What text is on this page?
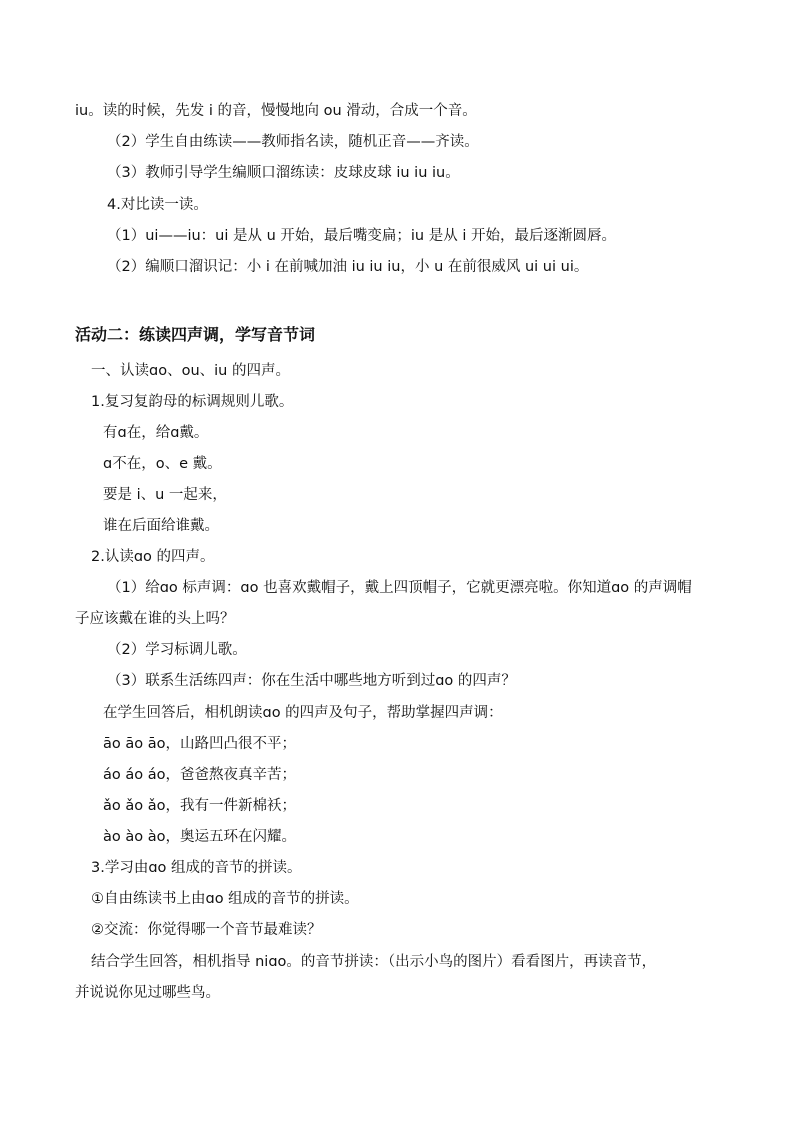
iu。读的时候，先发 i 的音，慢慢地向 ou 滑动，合成一个音。
（2）学生自由练读——教师指名读，随机正音——齐读。
（3）教师引导学生编顺口溜练读：皮球皮球 iu iu iu。
4.对比读一读。
（1）ui——iu：ui 是从 u 开始，最后嘴变扁；iu 是从 i 开始，最后逐渐圆唇。
（2）编顺口溜识记：小 i 在前喊加油 iu iu iu，小 u 在前很威风 ui ui ui。
活动二：练读四声调，学写音节词
一、认读ɑo、ou、iu 的四声。
1.复习复韵母的标调规则儿歌。
有ɑ在，给ɑ戴。
ɑ不在，o、e 戴。
要是 i、u 一起来，
谁在后面给谁戴。
2.认读ɑo 的四声。
（1）给ɑo 标声调：ɑo 也喜欢戴帽子，戴上四顶帽子，它就更漂亮啦。你知道ɑo 的声调帽
子应该戴在谁的头上吗？
（2）学习标调儿歌。
（3）联系生活练四声：你在生活中哪些地方听到过ɑo 的四声？
在学生回答后，相机朗读ɑo 的四声及句子，帮助掌握四声调：
āo āo āo，山路凹凸很不平；
áo áo áo，爸爸熬夜真辛苦；
ǎo ǎo ǎo，我有一件新棉袄；
ào ào ào，奥运五环在闪耀。
3.学习由ɑo 组成的音节的拼读。
①自由练读书上由ɑo 组成的音节的拼读。
②交流：你觉得哪一个音节最难读？
结合学生回答，相机指导 niɑo。的音节拼读：（出示小鸟的图片）看看图片，再读音节，
并说说你见过哪些鸟。
